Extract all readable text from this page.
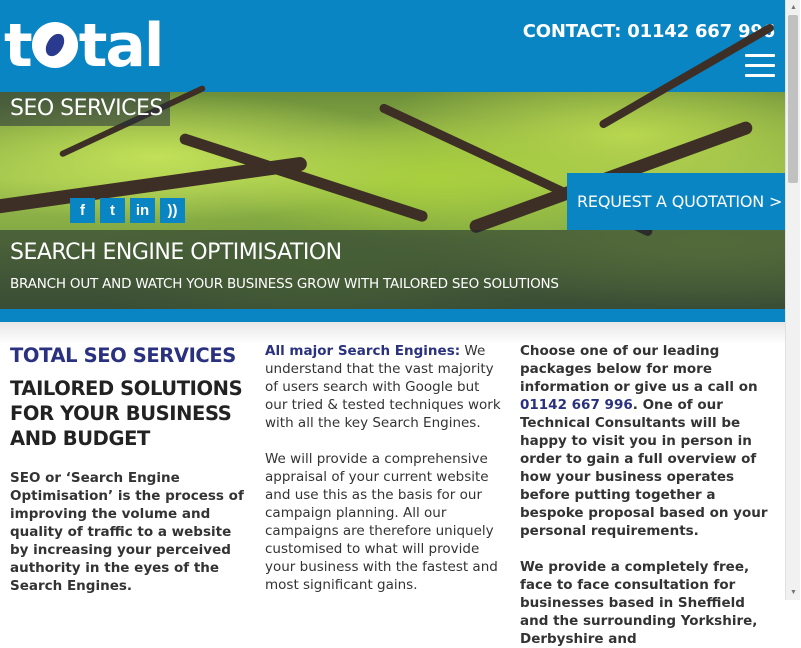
t tal	CONTACT: 01142 667 996
SEO SERVICES
f	t	in	))	REQUEST A QUOTATION >
SEARCH ENGINE OPTIMISATION
BRANCH OUT AND WATCH YOUR BUSINESS GROW WITH TAILORED SEO SOLUTIONS
TOTAL SEO SERVICES
TAILORED SOLUTIONS FOR YOUR BUSINESS AND BUDGET

SEO or ‘Search Engine Optimisation’ is the process of improving the volume and quality of traffic to a website by increasing your perceived authority in the eyes of the Search Engines.

All major Search Engines: We understand that the vast majority of users search with Google but our tried & tested techniques work with all the key Search Engines.

We will provide a comprehensive appraisal of your current website and use this as the basis for our campaign planning. All our campaigns are therefore uniquely customised to what will provide your business with the fastest and most significant gains.

Choose one of our leading packages below for more information or give us a call on 01142 667 996. One of our Technical Consultants will be happy to visit you in person in order to gain a full overview of how your business operates before putting together a bespoke proposal based on your personal requirements.

We provide a completely free, face to face consultation for businesses based in Sheffield and the surrounding Yorkshire, Derbyshire and

▲
▼
